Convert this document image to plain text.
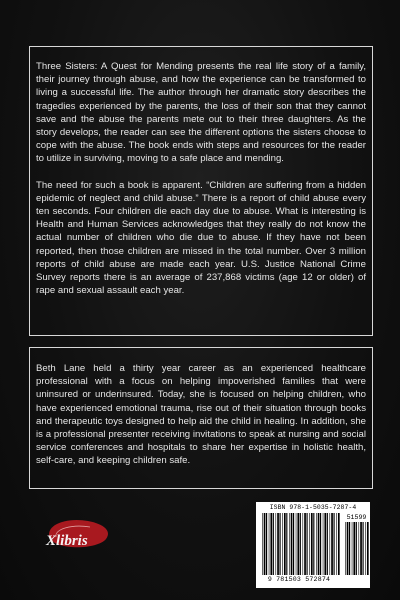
Three Sisters: A Quest for Mending presents the real life story of a family, their journey through abuse, and how the experience can be transformed to living a successful life. The author through her dramatic story describes the tragedies experienced by the parents, the loss of their son that they cannot save and the abuse the parents mete out to their three daughters. As the story develops, the reader can see the different options the sisters choose to cope with the abuse. The book ends with steps and resources for the reader to utilize in surviving, moving to a safe place and mending.

The need for such a book is apparent. “Children are suffering from a hidden epidemic of neglect and child abuse.” There is a report of child abuse every ten seconds. Four children die each day due to abuse. What is interesting is Health and Human Services acknowledges that they really do not know the actual number of children who die due to abuse. If they have not been reported, then those children are missed in the total number. Over 3 million reports of child abuse are made each year. U.S. Justice National Crime Survey reports there is an average of 237,868 victims (age 12 or older) of rape and sexual assault each year.

Beth Lane held a thirty year career as an experienced healthcare professional with a focus on helping impoverished families that were uninsured or underinsured. Today, she is focused on helping children, who have experienced emotional trauma, rise out of their situation through books and therapeutic toys designed to help aid the child in healing. In addition, she is a professional presenter receiving invitations to speak at nursing and social service conferences and hospitals to share her expertise in holistic health, self-care, and keeping children safe.

Xlibris
ISBN 978-1-5035-7287-4
51599
9 781503 572874
